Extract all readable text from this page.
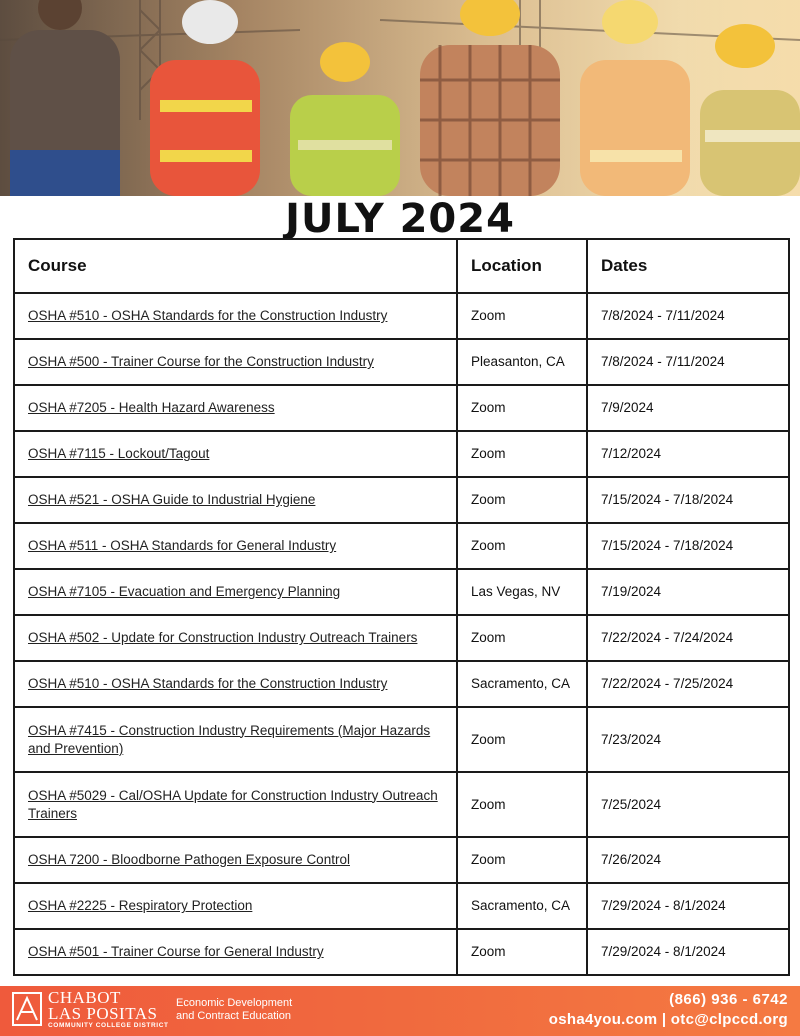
JULY 2024
Course	Location	Dates
OSHA #510 - OSHA Standards for the Construction Industry	Zoom	7/8/2024 - 7/11/2024
OSHA #500 - Trainer Course for the Construction Industry	Pleasanton, CA	7/8/2024 - 7/11/2024
OSHA #7205 - Health Hazard Awareness	Zoom	7/9/2024
OSHA #7115 - Lockout/Tagout	Zoom	7/12/2024
OSHA #521 - OSHA Guide to Industrial Hygiene	Zoom	7/15/2024 - 7/18/2024
OSHA #511 - OSHA Standards for General Industry	Zoom	7/15/2024 - 7/18/2024
OSHA #7105 - Evacuation and Emergency Planning	Las Vegas, NV	7/19/2024
OSHA #502 - Update for Construction Industry Outreach Trainers	Zoom	7/22/2024 - 7/24/2024
OSHA #510 - OSHA Standards for the Construction Industry	Sacramento, CA	7/22/2024 - 7/25/2024
OSHA #7415 - Construction Industry Requirements (Major Hazards and Prevention)	Zoom	7/23/2024
OSHA #5029 - Cal/OSHA Update for Construction Industry Outreach Trainers	Zoom	7/25/2024
OSHA 7200 - Bloodborne Pathogen Exposure Control	Zoom	7/26/2024
OSHA #2225 - Respiratory Protection	Sacramento, CA	7/29/2024 - 8/1/2024
OSHA #501 - Trainer Course for General Industry	Zoom	7/29/2024 - 8/1/2024
CHABOT
LAS POSITAS
COMMUNITY COLLEGE DISTRICT
Economic Development
and Contract Education
(866) 936 - 6742
osha4you.com | otc@clpccd.org
